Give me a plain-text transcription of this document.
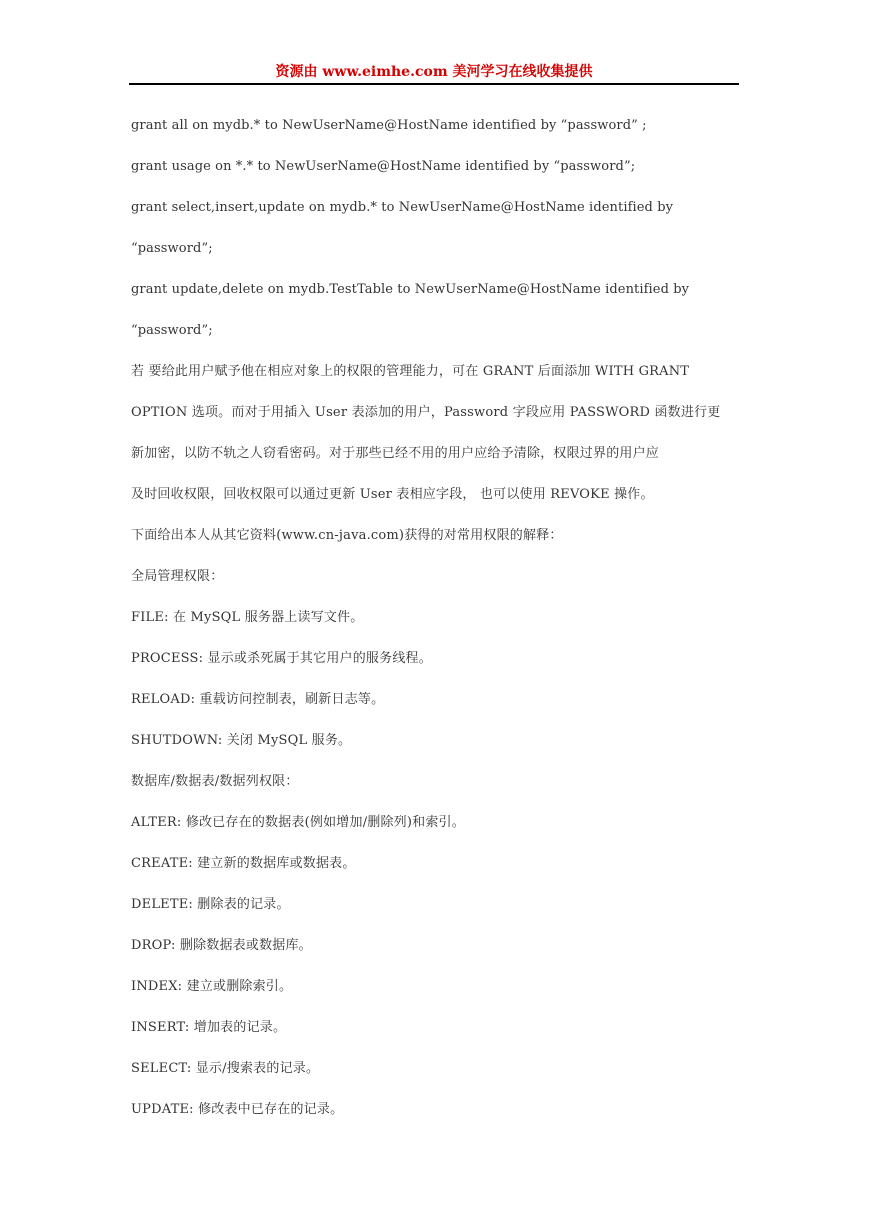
资源由 www.eimhe.com 美河学习在线收集提供
grant all on mydb.* to NewUserName@HostName identified by “password” ;
grant usage on *.* to NewUserName@HostName identified by “password”;
grant select,insert,update on mydb.* to NewUserName@HostName identified by
“password”;
grant update,delete on mydb.TestTable to NewUserName@HostName identified by
“password”;
若 要给此用户赋予他在相应对象上的权限的管理能力，可在 GRANT 后面添加 WITH GRANT
OPTION 选项。而对于用插入 User 表添加的用户，Password 字段应用 PASSWORD 函数进行更
新加密，以防不轨之人窃看密码。对于那些已经不用的用户应给予清除，权限过界的用户应
及时回收权限，回收权限可以通过更新 User 表相应字段， 也可以使用 REVOKE 操作。
下面给出本人从其它资料(www.cn-java.com)获得的对常用权限的解释：
全局管理权限：
FILE: 在 MySQL 服务器上读写文件。
PROCESS: 显示或杀死属于其它用户的服务线程。
RELOAD: 重载访问控制表，刷新日志等。
SHUTDOWN: 关闭 MySQL 服务。
数据库/数据表/数据列权限：
ALTER: 修改已存在的数据表(例如增加/删除列)和索引。
CREATE: 建立新的数据库或数据表。
DELETE: 删除表的记录。
DROP: 删除数据表或数据库。
INDEX: 建立或删除索引。
INSERT: 增加表的记录。
SELECT: 显示/搜索表的记录。
UPDATE: 修改表中已存在的记录。
